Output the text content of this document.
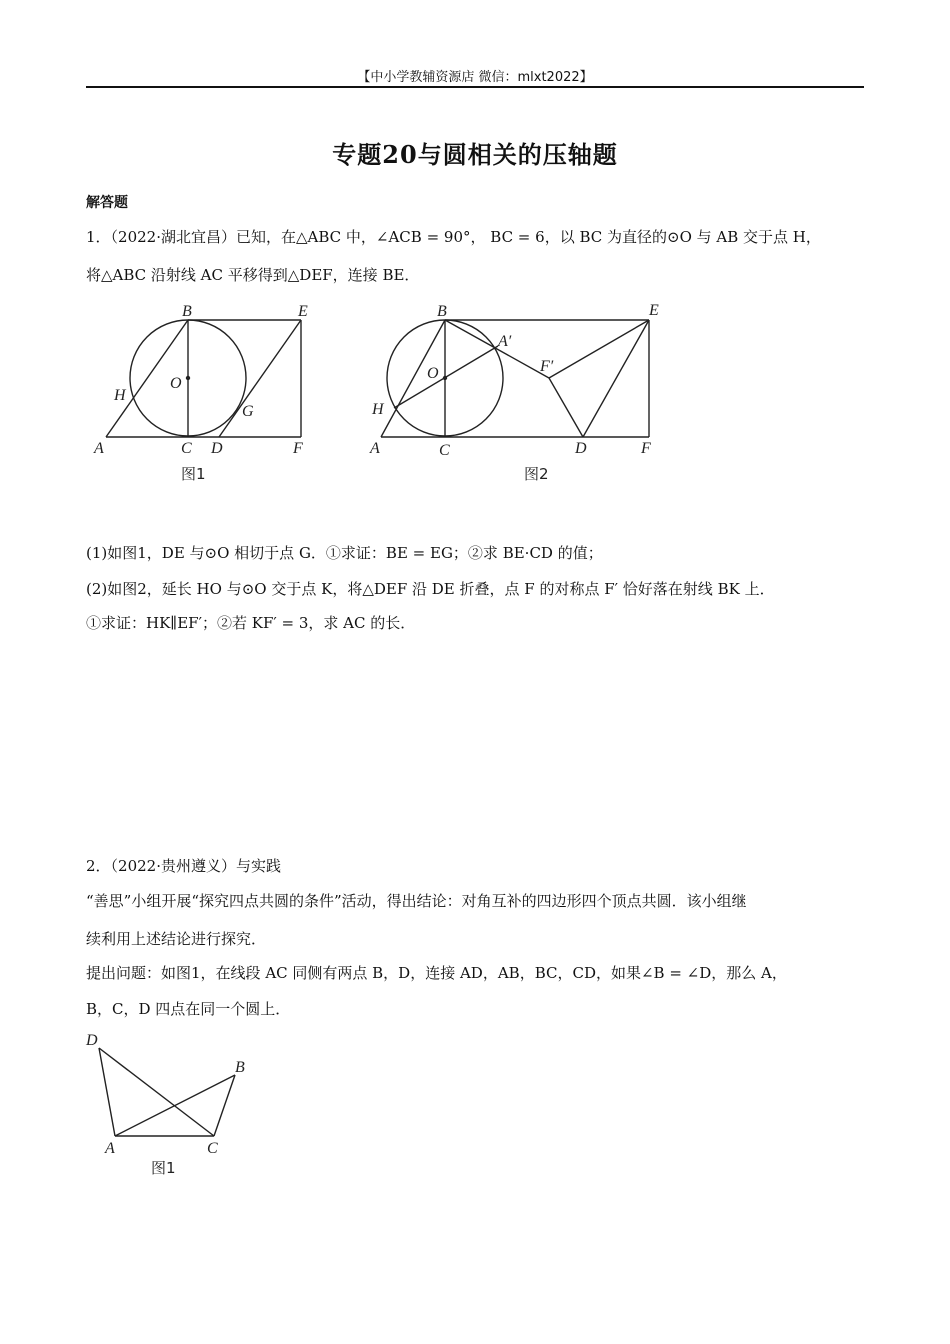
【中小学教辅资源店 微信：mlxt2022】
专题20与圆相关的压轴题
解答题
1．（2022·湖北宜昌）已知，在△ABC 中，∠ACB = 90°， BC = 6，以 BC 为直径的⊙O 与 AB 交于点 H，
将△ABC 沿射线 AC 平移得到△DEF，连接 BE．
A
B
C D
E
F
O
H
G
图1
A
B
C	D
E
F
O
H
A′
F′
图2
(1)如图1，DE 与⊙O 相切于点 G．①求证：BE = EG；②求 BE·CD 的值；
(2)如图2，延长 HO 与⊙O 交于点 K，将△DEF 沿 DE 折叠，点 F 的对称点 F′ 恰好落在射线 BK 上．
①求证：HK∥EF′；②若 KF′ = 3，求 AC 的长．
2．（2022·贵州遵义）与实践
“善思”小组开展“探究四点共圆的条件”活动，得出结论：对角互补的四边形四个顶点共圆．该小组继
续利用上述结论进行探究．
提出问题：如图1，在线段 AC 同侧有两点 B，D，连接 AD，AB，BC，CD，如果∠B = ∠D，那么 A，
B，C，D 四点在同一个圆上．
D
B
A	C
图1
